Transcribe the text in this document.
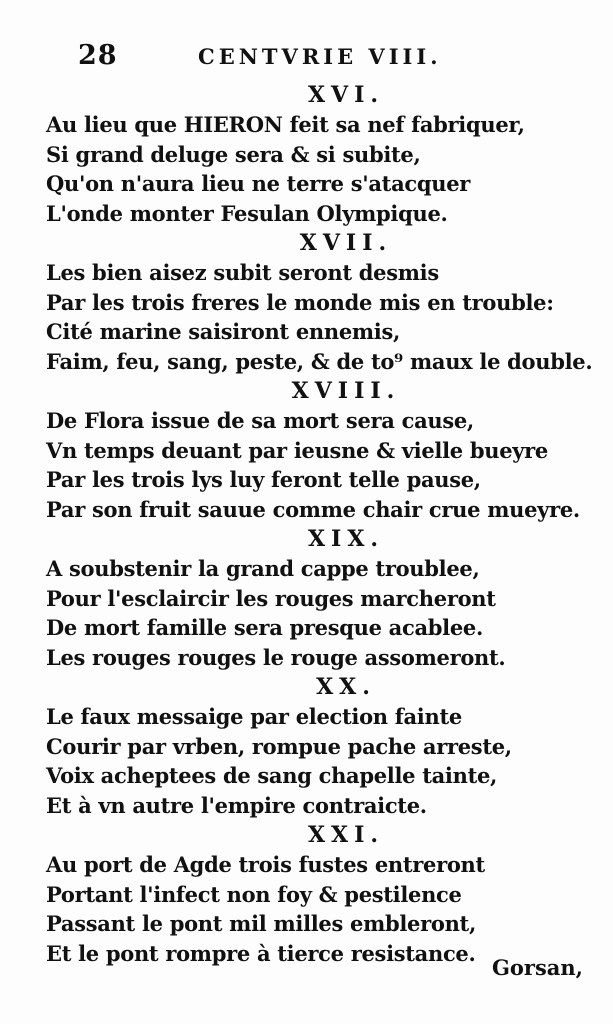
28	CENTVRIE VIII.
XVI.
Au lieu que HIERON feit sa nef fabriquer,
Si grand deluge sera & si subite,
Qu'on n'aura lieu ne terre s'atacquer
L'onde monter Fesulan Olympique.
XVII.
Les bien aisez subit seront desmis
Par les trois freres le monde mis en trouble:
Cité marine saisiront ennemis,
Faim, feu, sang, peste, & de to⁹ maux le double.
XVIII.
De Flora issue de sa mort sera cause,
Vn temps deuant par ieusne & vielle bueyre
Par les trois lys luy feront telle pause,
Par son fruit sauue comme chair crue mueyre.
XIX.
A soubstenir la grand cappe troublee,
Pour l'esclaircir les rouges marcheront
De mort famille sera presque acablee.
Les rouges rouges le rouge assomeront.
XX.
Le faux messaige par election fainte
Courir par vrben, rompue pache arreste,
Voix acheptees de sang chapelle tainte,
Et à vn autre l'empire contraicte.
XXI.
Au port de Agde trois fustes entreront
Portant l'infect non foy & pestilence
Passant le pont mil milles embleront,
Et le pont rompre à tierce resistance.
Gorsan,
